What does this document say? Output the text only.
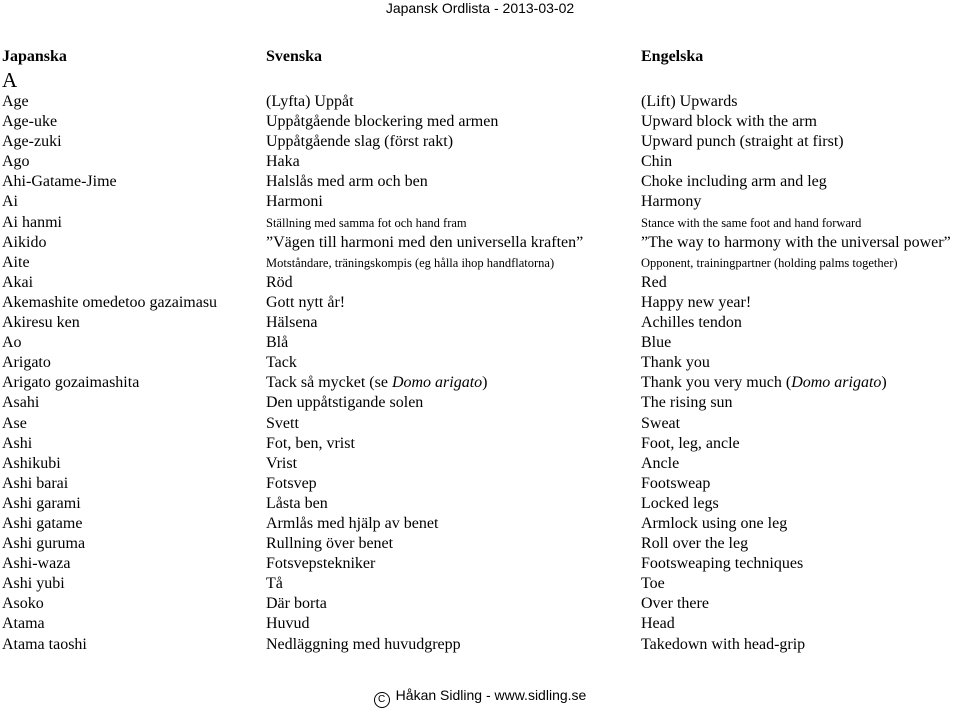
Japansk Ordlista - 2013-03-02
Japanska	Svenska	Engelska
A
Age	(Lyfta) Uppåt	(Lift) Upwards
Age-uke	Uppåtgående blockering med armen	Upward block with the arm
Age-zuki	Uppåtgående slag (först rakt)	Upward punch (straight at first)
Ago	Haka	Chin
Ahi-Gatame-Jime	Halslås med arm och ben	Choke including arm and leg
Ai	Harmoni	Harmony
Ai hanmi	Ställning med samma fot och hand fram	Stance with the same foot and hand forward
Aikido	”Vägen till harmoni med den universella kraften”	”The way to harmony with the universal power”
Aite	Motståndare, träningskompis (eg hålla ihop handflatorna)	Opponent, trainingpartner (holding palms together)
Akai	Röd	Red
Akemashite omedetoo gazaimasu	Gott nytt år!	Happy new year!
Akiresu ken	Hälsena	Achilles tendon
Ao	Blå	Blue
Arigato	Tack	Thank you
Arigato gozaimashita	Tack så mycket (se Domo arigato)	Thank you very much (Domo arigato)
Asahi	Den uppåtstigande solen	The rising sun
Ase	Svett	Sweat
Ashi	Fot, ben, vrist	Foot, leg, ancle
Ashikubi	Vrist	Ancle
Ashi barai	Fotsvep	Footsweap
Ashi garami	Låsta ben	Locked legs
Ashi gatame	Armlås med hjälp av benet	Armlock using one leg
Ashi guruma	Rullning över benet	Roll over the leg
Ashi-waza	Fotsvepstekniker	Footsweaping techniques
Ashi yubi	Tå	Toe
Asoko	Där borta	Over there
Atama	Huvud	Head
Atama taoshi	Nedläggning med huvudgrepp	Takedown with head-grip
C Håkan Sidling - www.sidling.se
